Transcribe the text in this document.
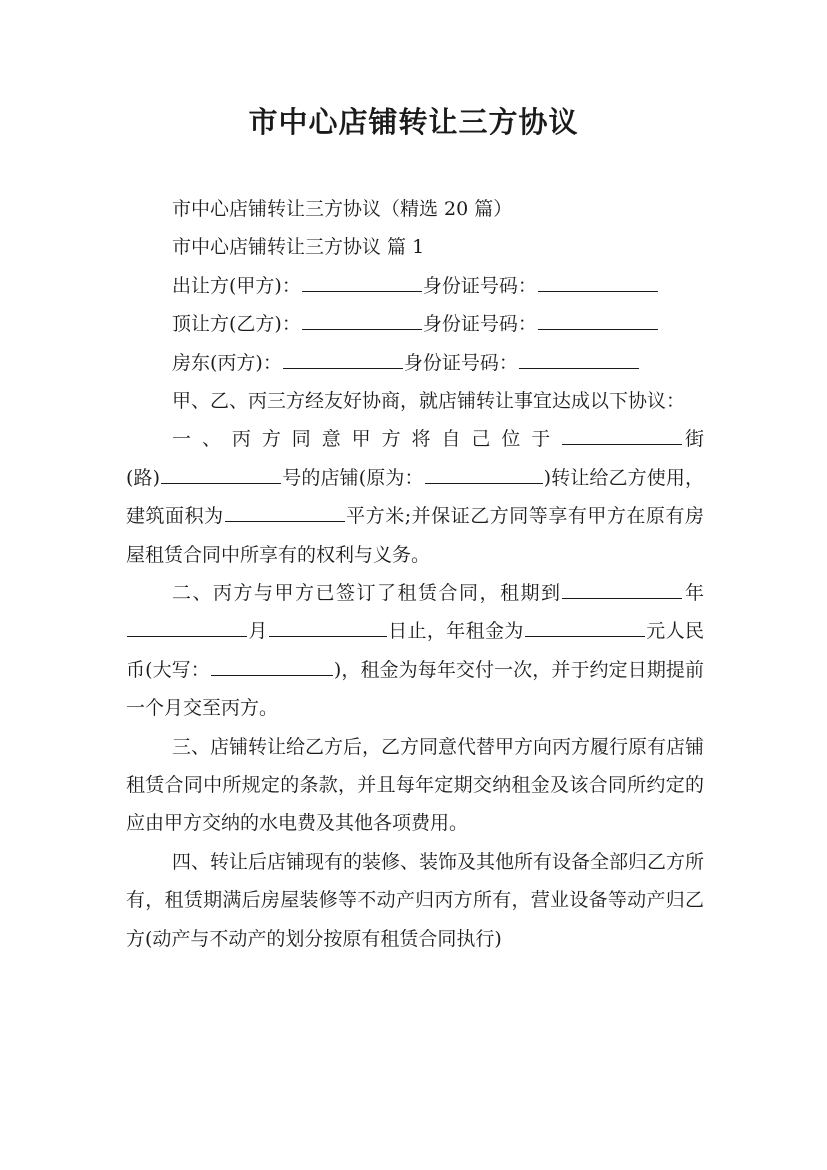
市中心店铺转让三方协议
市中心店铺转让三方协议（精选 20 篇）
市中心店铺转让三方协议 篇 1
出让方(甲方)：	身份证号码：
顶让方(乙方)：	身份证号码：
房东(丙方)：	身份证号码：

甲、乙、丙三方经友好协商，就店铺转让事宜达成以下协议：

一、丙方同意甲方将自己位于	街(路)	号的店铺(原为：	)转让给乙方使用，建筑面积为	平方米;并保证乙方同等享有甲方在原有房屋租赁合同中所享有的权利与义务。

二、丙方与甲方已签订了租赁合同，租期到	年月	日止，年租金为	元人民币(大写：	)，租金为每年交付一次，并于约定日期提前一个月交至丙方。

三、店铺转让给乙方后，乙方同意代替甲方向丙方履行原有店铺租赁合同中所规定的条款，并且每年定期交纳租金及该合同所约定的应由甲方交纳的水电费及其他各项费用。

四、转让后店铺现有的装修、装饰及其他所有设备全部归乙方所有，租赁期满后房屋装修等不动产归丙方所有，营业设备等动产归乙方(动产与不动产的划分按原有租赁合同执行)
